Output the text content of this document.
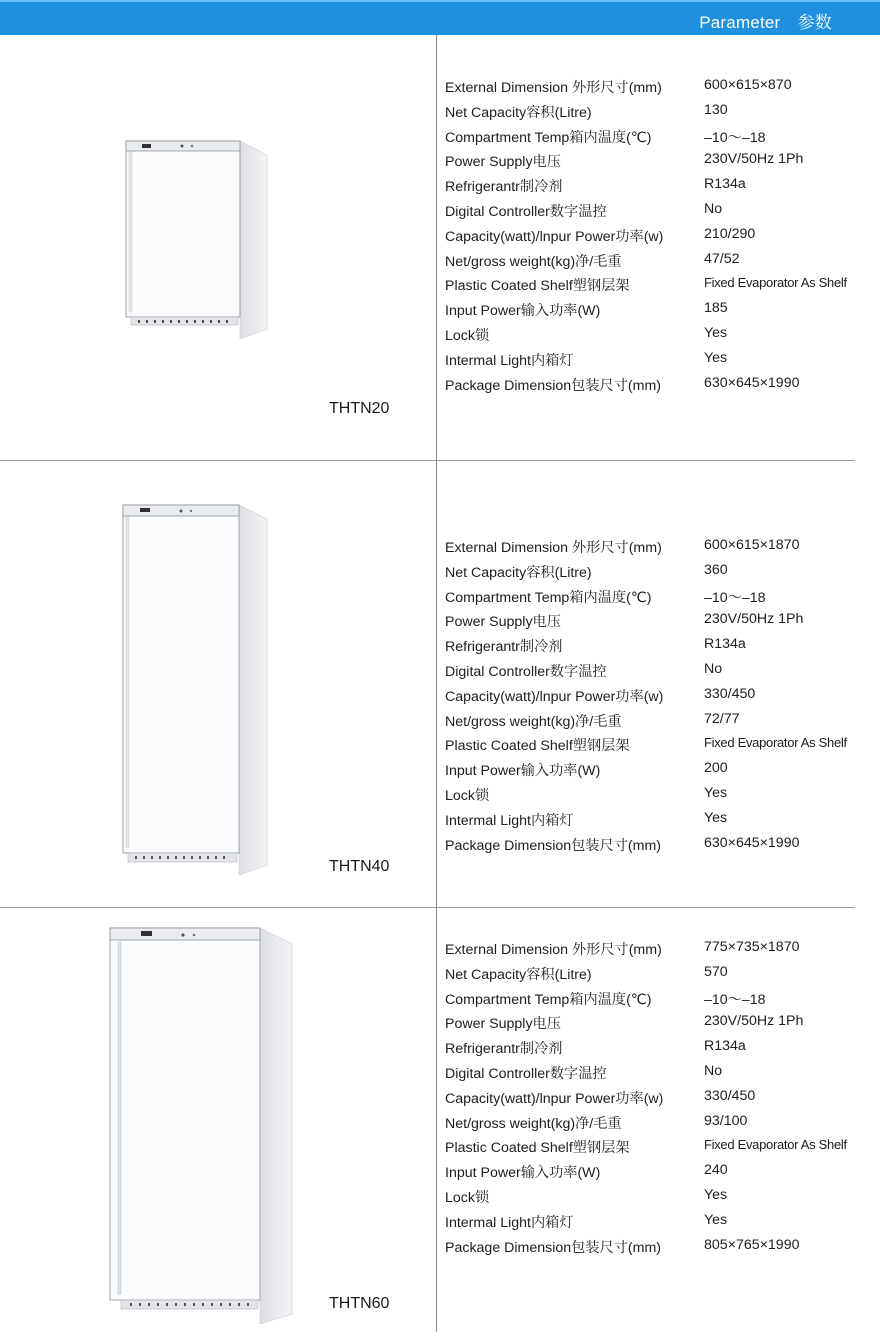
Parameter　参数
THTN20
External Dimension 外形尺寸(mm)	600×615×870
Net Capacity容积(Litre)	130
Compartment Temp箱内温度(℃)	–10～–18
Power Supply电压	230V/50Hz 1Ph
Refrigerantr制冷剂	R134a
Digital Controller数字温控	No
Capacity(watt)/lnpur Power功率(w)	210/290
Net/gross weight(kg)净/毛重	47/52
Plastic Coated Shelf塑钢层架	Fixed Evaporator As Shelf
Input Power输入功率(W)	185
Lock锁	Yes
Intermal Light内箱灯	Yes
Package Dimension包装尺寸(mm)	630×645×1990
THTN40
External Dimension 外形尺寸(mm)	600×615×1870
Net Capacity容积(Litre)	360
Compartment Temp箱内温度(℃)	–10～–18
Power Supply电压	230V/50Hz 1Ph
Refrigerantr制冷剂	R134a
Digital Controller数字温控	No
Capacity(watt)/lnpur Power功率(w)	330/450
Net/gross weight(kg)净/毛重	72/77
Plastic Coated Shelf塑钢层架	Fixed Evaporator As Shelf
Input Power输入功率(W)	200
Lock锁	Yes
Intermal Light内箱灯	Yes
Package Dimension包装尺寸(mm)	630×645×1990
THTN60
External Dimension 外形尺寸(mm)	775×735×1870
Net Capacity容积(Litre)	570
Compartment Temp箱内温度(℃)	–10～–18
Power Supply电压	230V/50Hz 1Ph
Refrigerantr制冷剂	R134a
Digital Controller数字温控	No
Capacity(watt)/lnpur Power功率(w)	330/450
Net/gross weight(kg)净/毛重	93/100
Plastic Coated Shelf塑钢层架	Fixed Evaporator As Shelf
Input Power输入功率(W)	240
Lock锁	Yes
Intermal Light内箱灯	Yes
Package Dimension包装尺寸(mm)	805×765×1990
